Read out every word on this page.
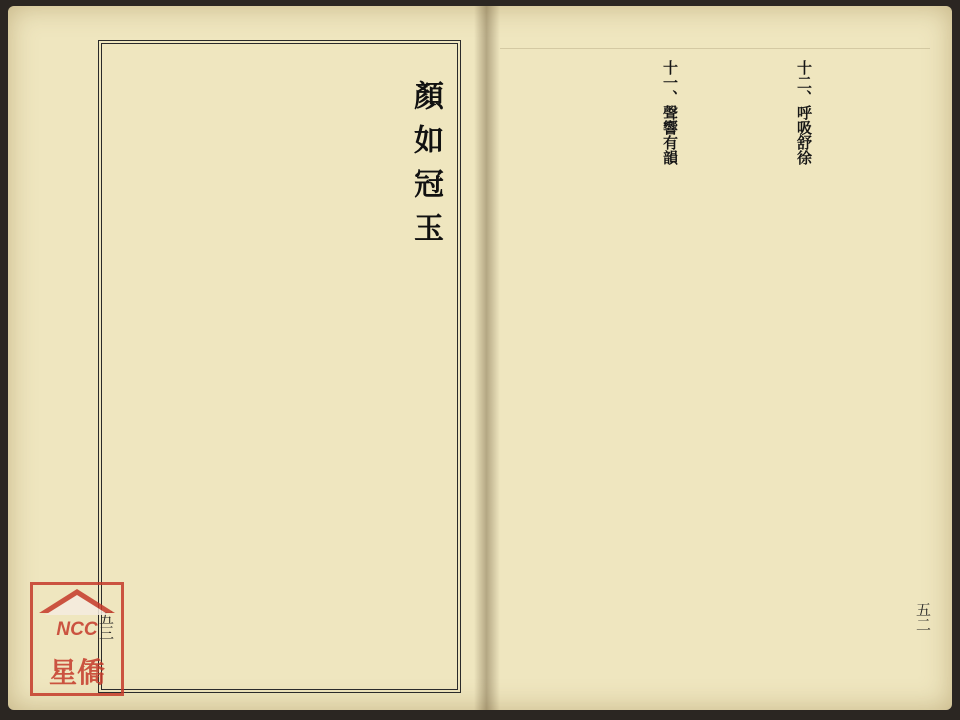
顏如冠玉
五三
十一、聲響有韻	十二、呼吸舒徐
五二
NCC
星僑
